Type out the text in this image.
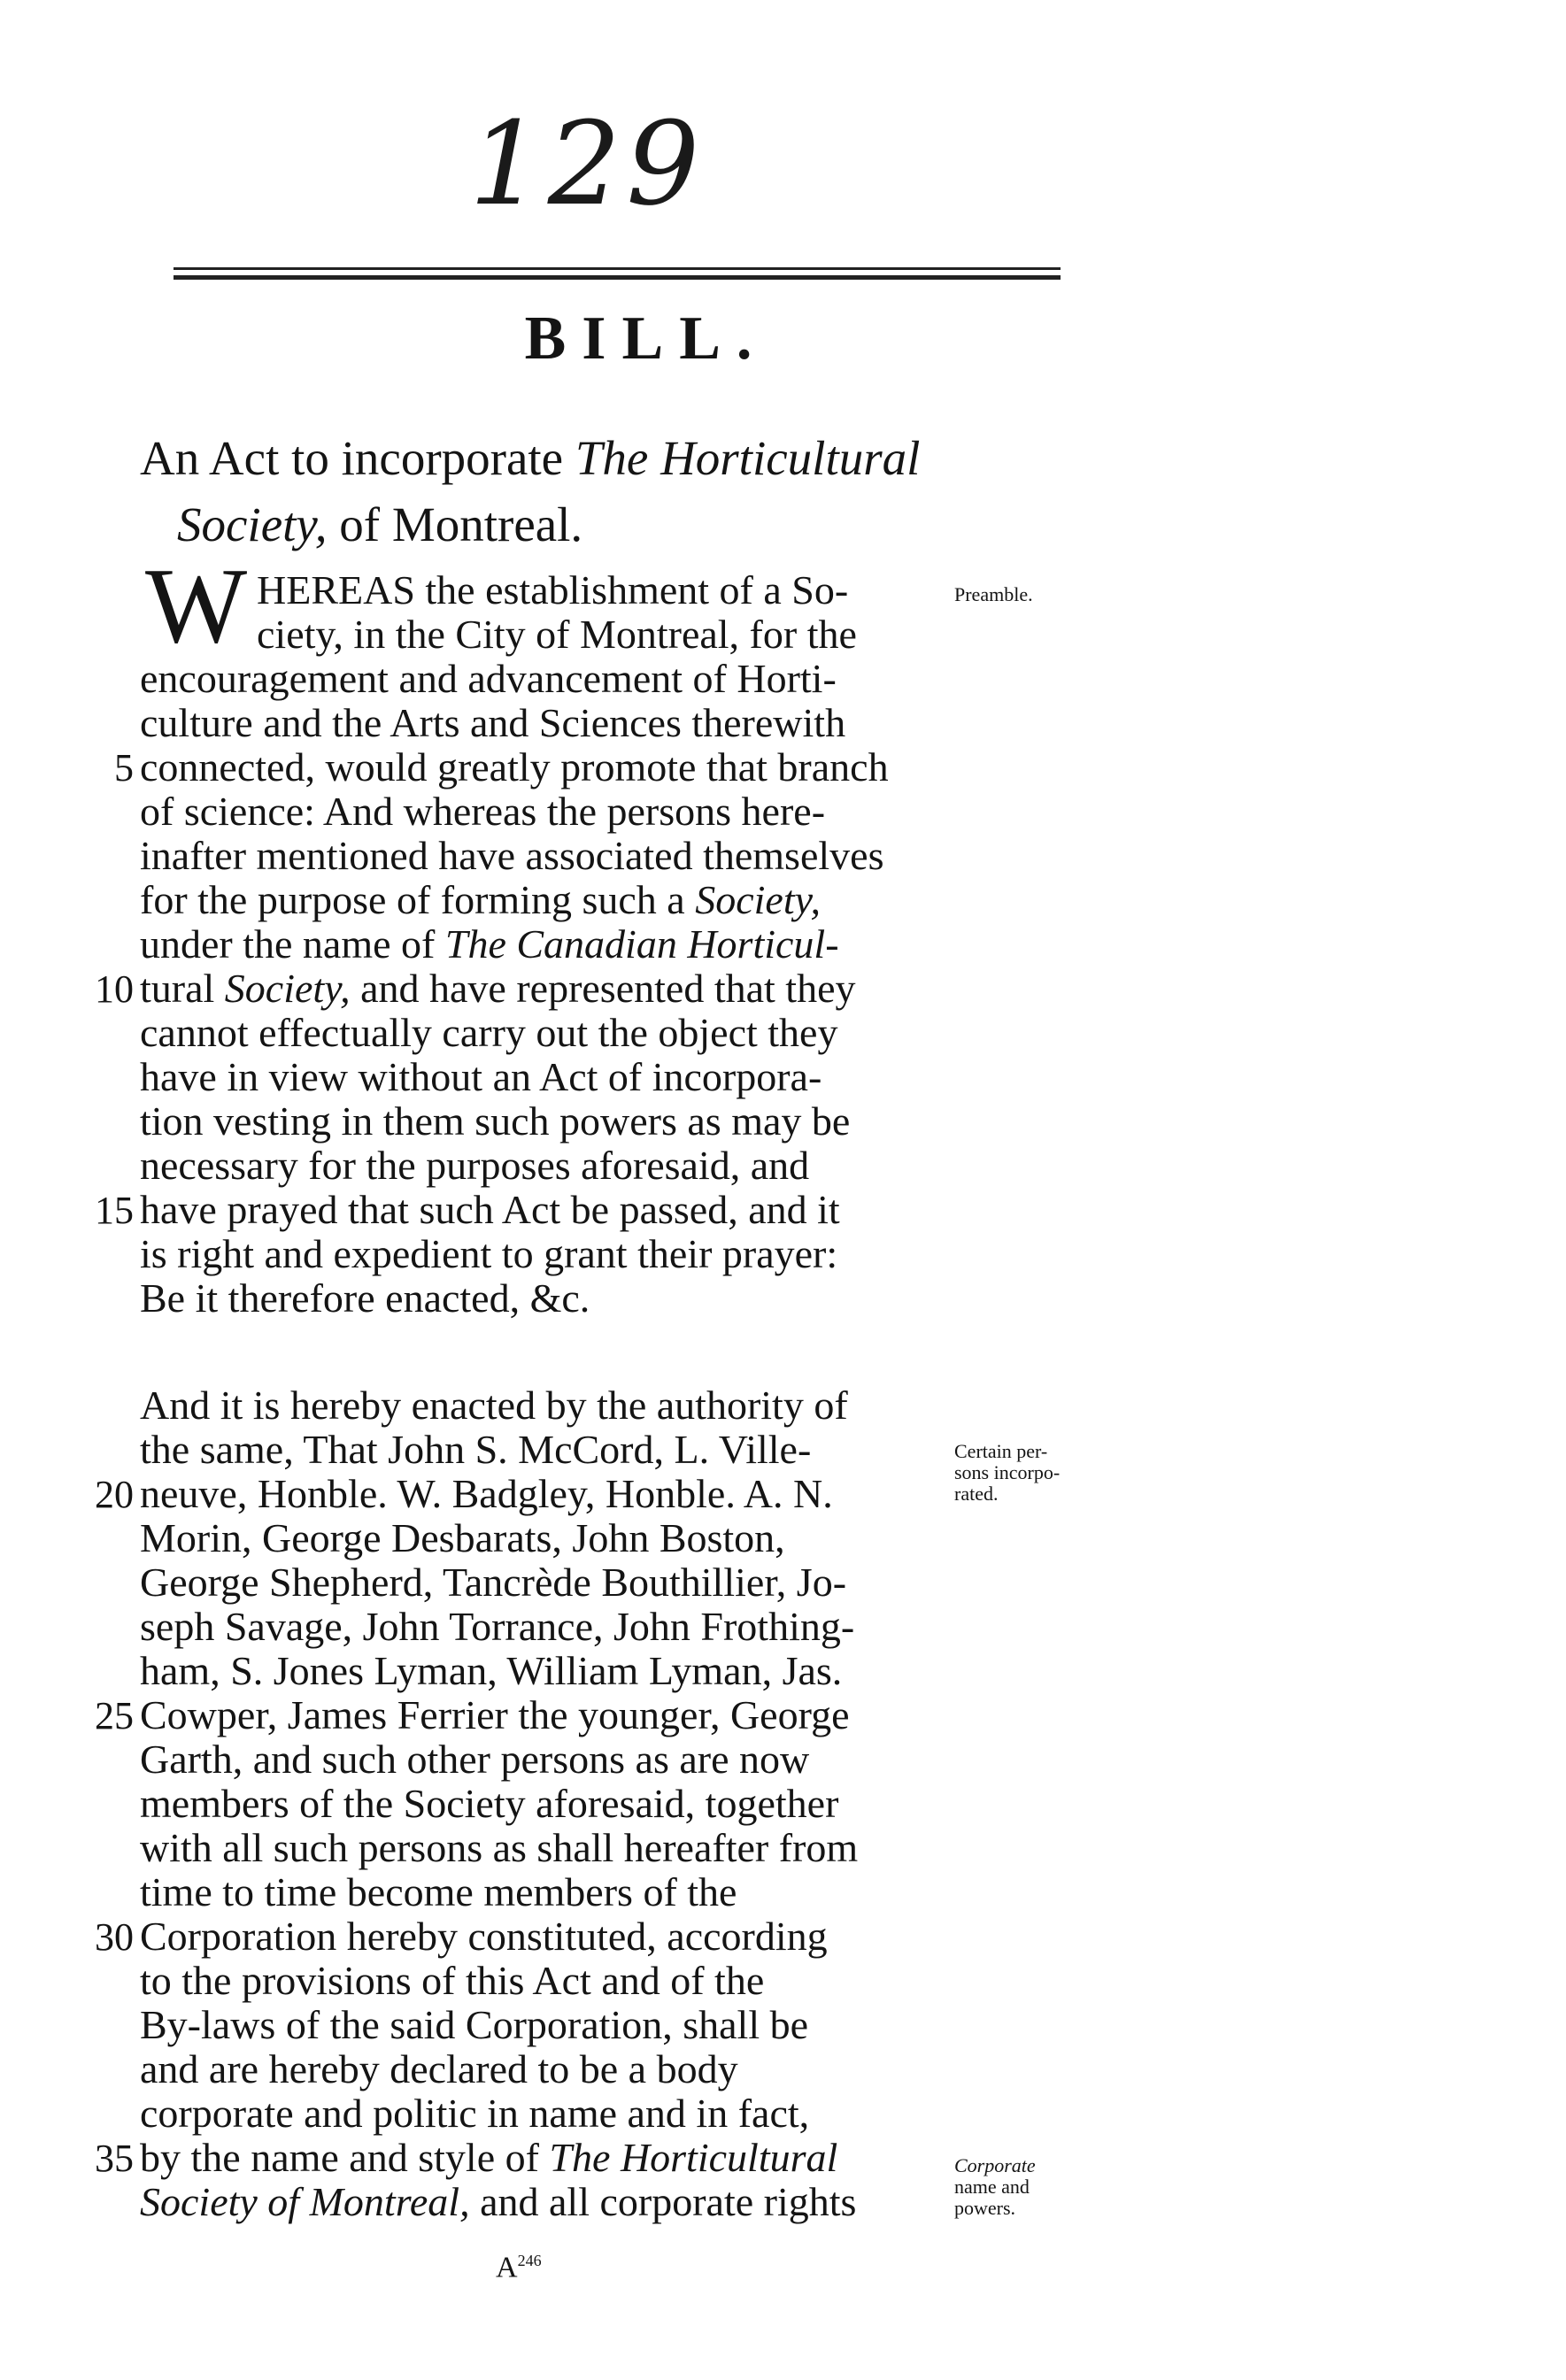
129
BILL.
An Act to incorporate The Horticultural
Society, of Montreal.
W HEREAS the establishment of a So-
ciety, in the City of Montreal, for the
encouragement and advancement of Horti-
culture and the Arts and Sciences therewith
connected, would greatly promote that branch
of science: And whereas the persons here-
inafter mentioned have associated themselves
for the purpose of forming such a Society,
under the name of The Canadian Horticul-
tural Society, and have represented that they
cannot effectually carry out the object they
have in view without an Act of incorpora-
tion vesting in them such powers as may be
necessary for the purposes aforesaid, and
have prayed that such Act be passed, and it
is right and expedient to grant their prayer:
Be it therefore enacted, &c.
And it is hereby enacted by the authority of
the same, That John S. McCord, L. Ville-
neuve, Honble. W. Badgley, Honble. A. N.
Morin, George Desbarats, John Boston,
George Shepherd, Tancrède Bouthillier, Jo-
seph Savage, John Torrance, John Frothing-
ham, S. Jones Lyman, William Lyman, Jas.
Cowper, James Ferrier the younger, George
Garth, and such other persons as are now
members of the Society aforesaid, together
with all such persons as shall hereafter from
time to time become members of the
Corporation hereby constituted, according
to the provisions of this Act and of the
By-laws of the said Corporation, shall be
and are hereby declared to be a body
corporate and politic in name and in fact,
by the name and style of The Horticultural
Society of Montreal, and all corporate rights
5
10
15
20
25
30
35
Preamble.
Certain per-
sons incorpo-
rated.
Corporate
name and
powers.
$A^{246}$
